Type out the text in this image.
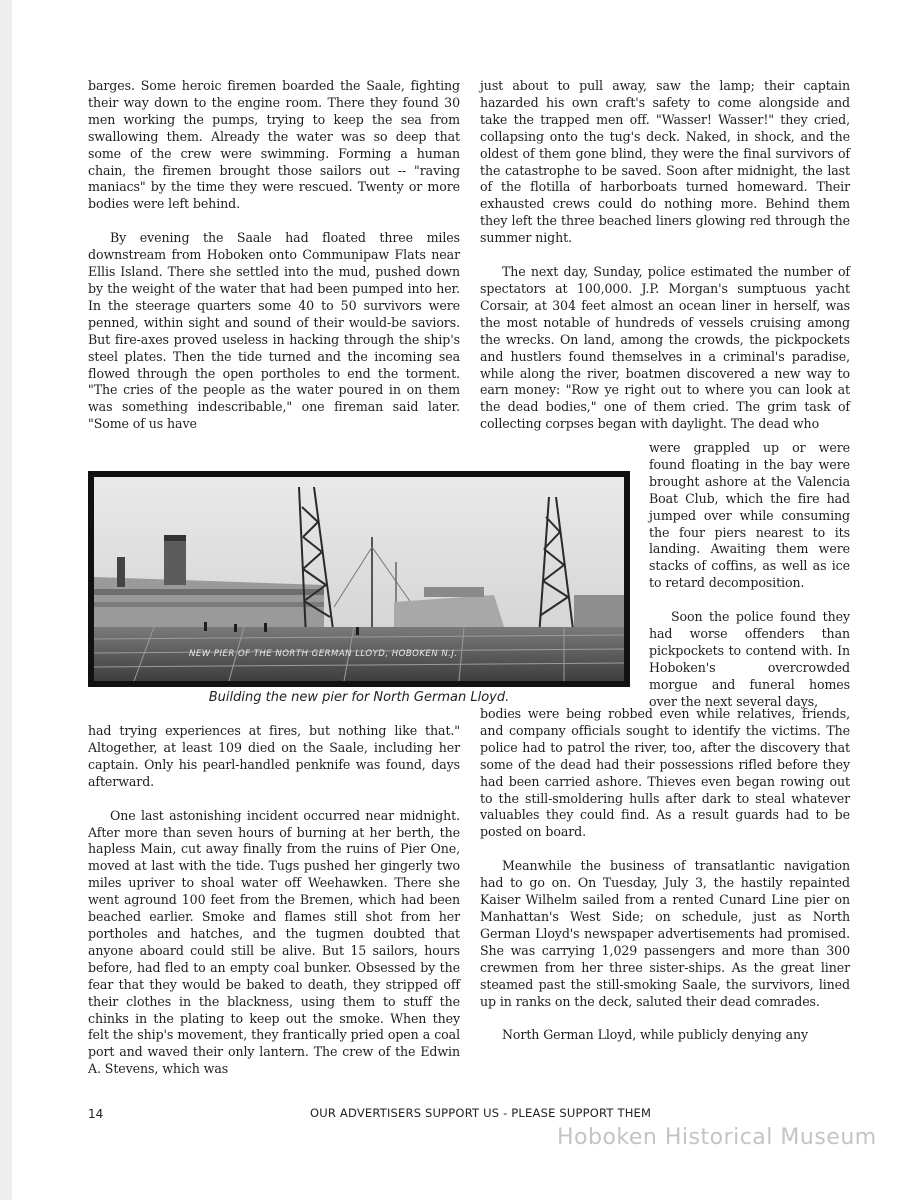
barges. Some heroic firemen boarded the Saale, fighting their way down to the engine room. There they found 30 men working the pumps, trying to keep the sea from swallowing them. Already the water was so deep that some of the crew were swimming. Forming a human chain, the firemen brought those sailors out -- "raving maniacs" by the time they were rescued. Twenty or more bodies were left behind.

By evening the Saale had floated three miles downstream from Hoboken onto Communipaw Flats near Ellis Island. There she settled into the mud, pushed down by the weight of the water that had been pumped into her. In the steerage quarters some 40 to 50 survivors were penned, within sight and sound of their would-be saviors. But fire-axes proved useless in hacking through the ship's steel plates. Then the tide turned and the incoming sea flowed through the open portholes to end the torment. "The cries of the people as the water poured in on them was something indescribable," one fireman said later. "Some of us have

NEW PIER OF THE NORTH GERMAN LLOYD, HOBOKEN N.J.
Building the new pier for North German Lloyd.

had trying experiences at fires, but nothing like that." Altogether, at least 109 died on the Saale, including her captain. Only his pearl-handled penknife was found, days afterward.

One last astonishing incident occurred near midnight. After more than seven hours of burning at her berth, the hapless Main, cut away finally from the ruins of Pier One, moved at last with the tide. Tugs pushed her gingerly two miles upriver to shoal water off Weehawken. There she went aground 100 feet from the Bremen, which had been beached earlier. Smoke and flames still shot from her portholes and hatches, and the tugmen doubted that anyone aboard could still be alive. But 15 sailors, hours before, had fled to an empty coal bunker. Obsessed by the fear that they would be baked to death, they stripped off their clothes in the blackness, using them to stuff the chinks in the plating to keep out the smoke. When they felt the ship's movement, they frantically pried open a coal port and waved their only lantern. The crew of the Edwin A. Stevens, which was

just about to pull away, saw the lamp; their captain hazarded his own craft's safety to come alongside and take the trapped men off. "Wasser! Wasser!" they cried, collapsing onto the tug's deck. Naked, in shock, and the oldest of them gone blind, they were the final survivors of the catastrophe to be saved. Soon after midnight, the last of the flotilla of harborboats turned homeward. Their exhausted crews could do nothing more. Behind them they left the three beached liners glowing red through the summer night.

The next day, Sunday, police estimated the number of spectators at 100,000. J.P. Morgan's sumptuous yacht Corsair, at 304 feet almost an ocean liner in herself, was the most notable of hundreds of vessels cruising among the wrecks. On land, among the crowds, the pickpockets and hustlers found themselves in a criminal's paradise, while along the river, boatmen discovered a new way to earn money: "Row ye right out to where you can look at the dead bodies," one of them cried. The grim task of collecting corpses began with daylight. The dead who

were grappled up or were found floating in the bay were brought ashore at the Valencia Boat Club, which the fire had jumped over while consuming the four piers nearest to its landing. Awaiting them were stacks of coffins, as well as ice to retard decomposition.

Soon the police found they had worse offenders than pickpockets to contend with. In Hoboken's overcrowded morgue and funeral homes over the next several days,

bodies were being robbed even while relatives, friends, and company officials sought to identify the victims. The police had to patrol the river, too, after the discovery that some of the dead had their possessions rifled before they had been carried ashore. Thieves even began rowing out to the still-smoldering hulls after dark to steal whatever valuables they could find. As a result guards had to be posted on board.

Meanwhile the business of transatlantic navigation had to go on. On Tuesday, July 3, the hastily repainted Kaiser Wilhelm sailed from a rented Cunard Line pier on Manhattan's West Side; on schedule, just as North German Lloyd's newspaper advertisements had promised. She was carrying 1,029 passengers and more than 300 crewmen from her three sister-ships. As the great liner steamed past the still-smoking Saale, the survivors, lined up in ranks on the deck, saluted their dead comrades.

North German Lloyd, while publicly denying any

14	OUR ADVERTISERS SUPPORT US - PLEASE SUPPORT THEM
Hoboken Historical Museum
